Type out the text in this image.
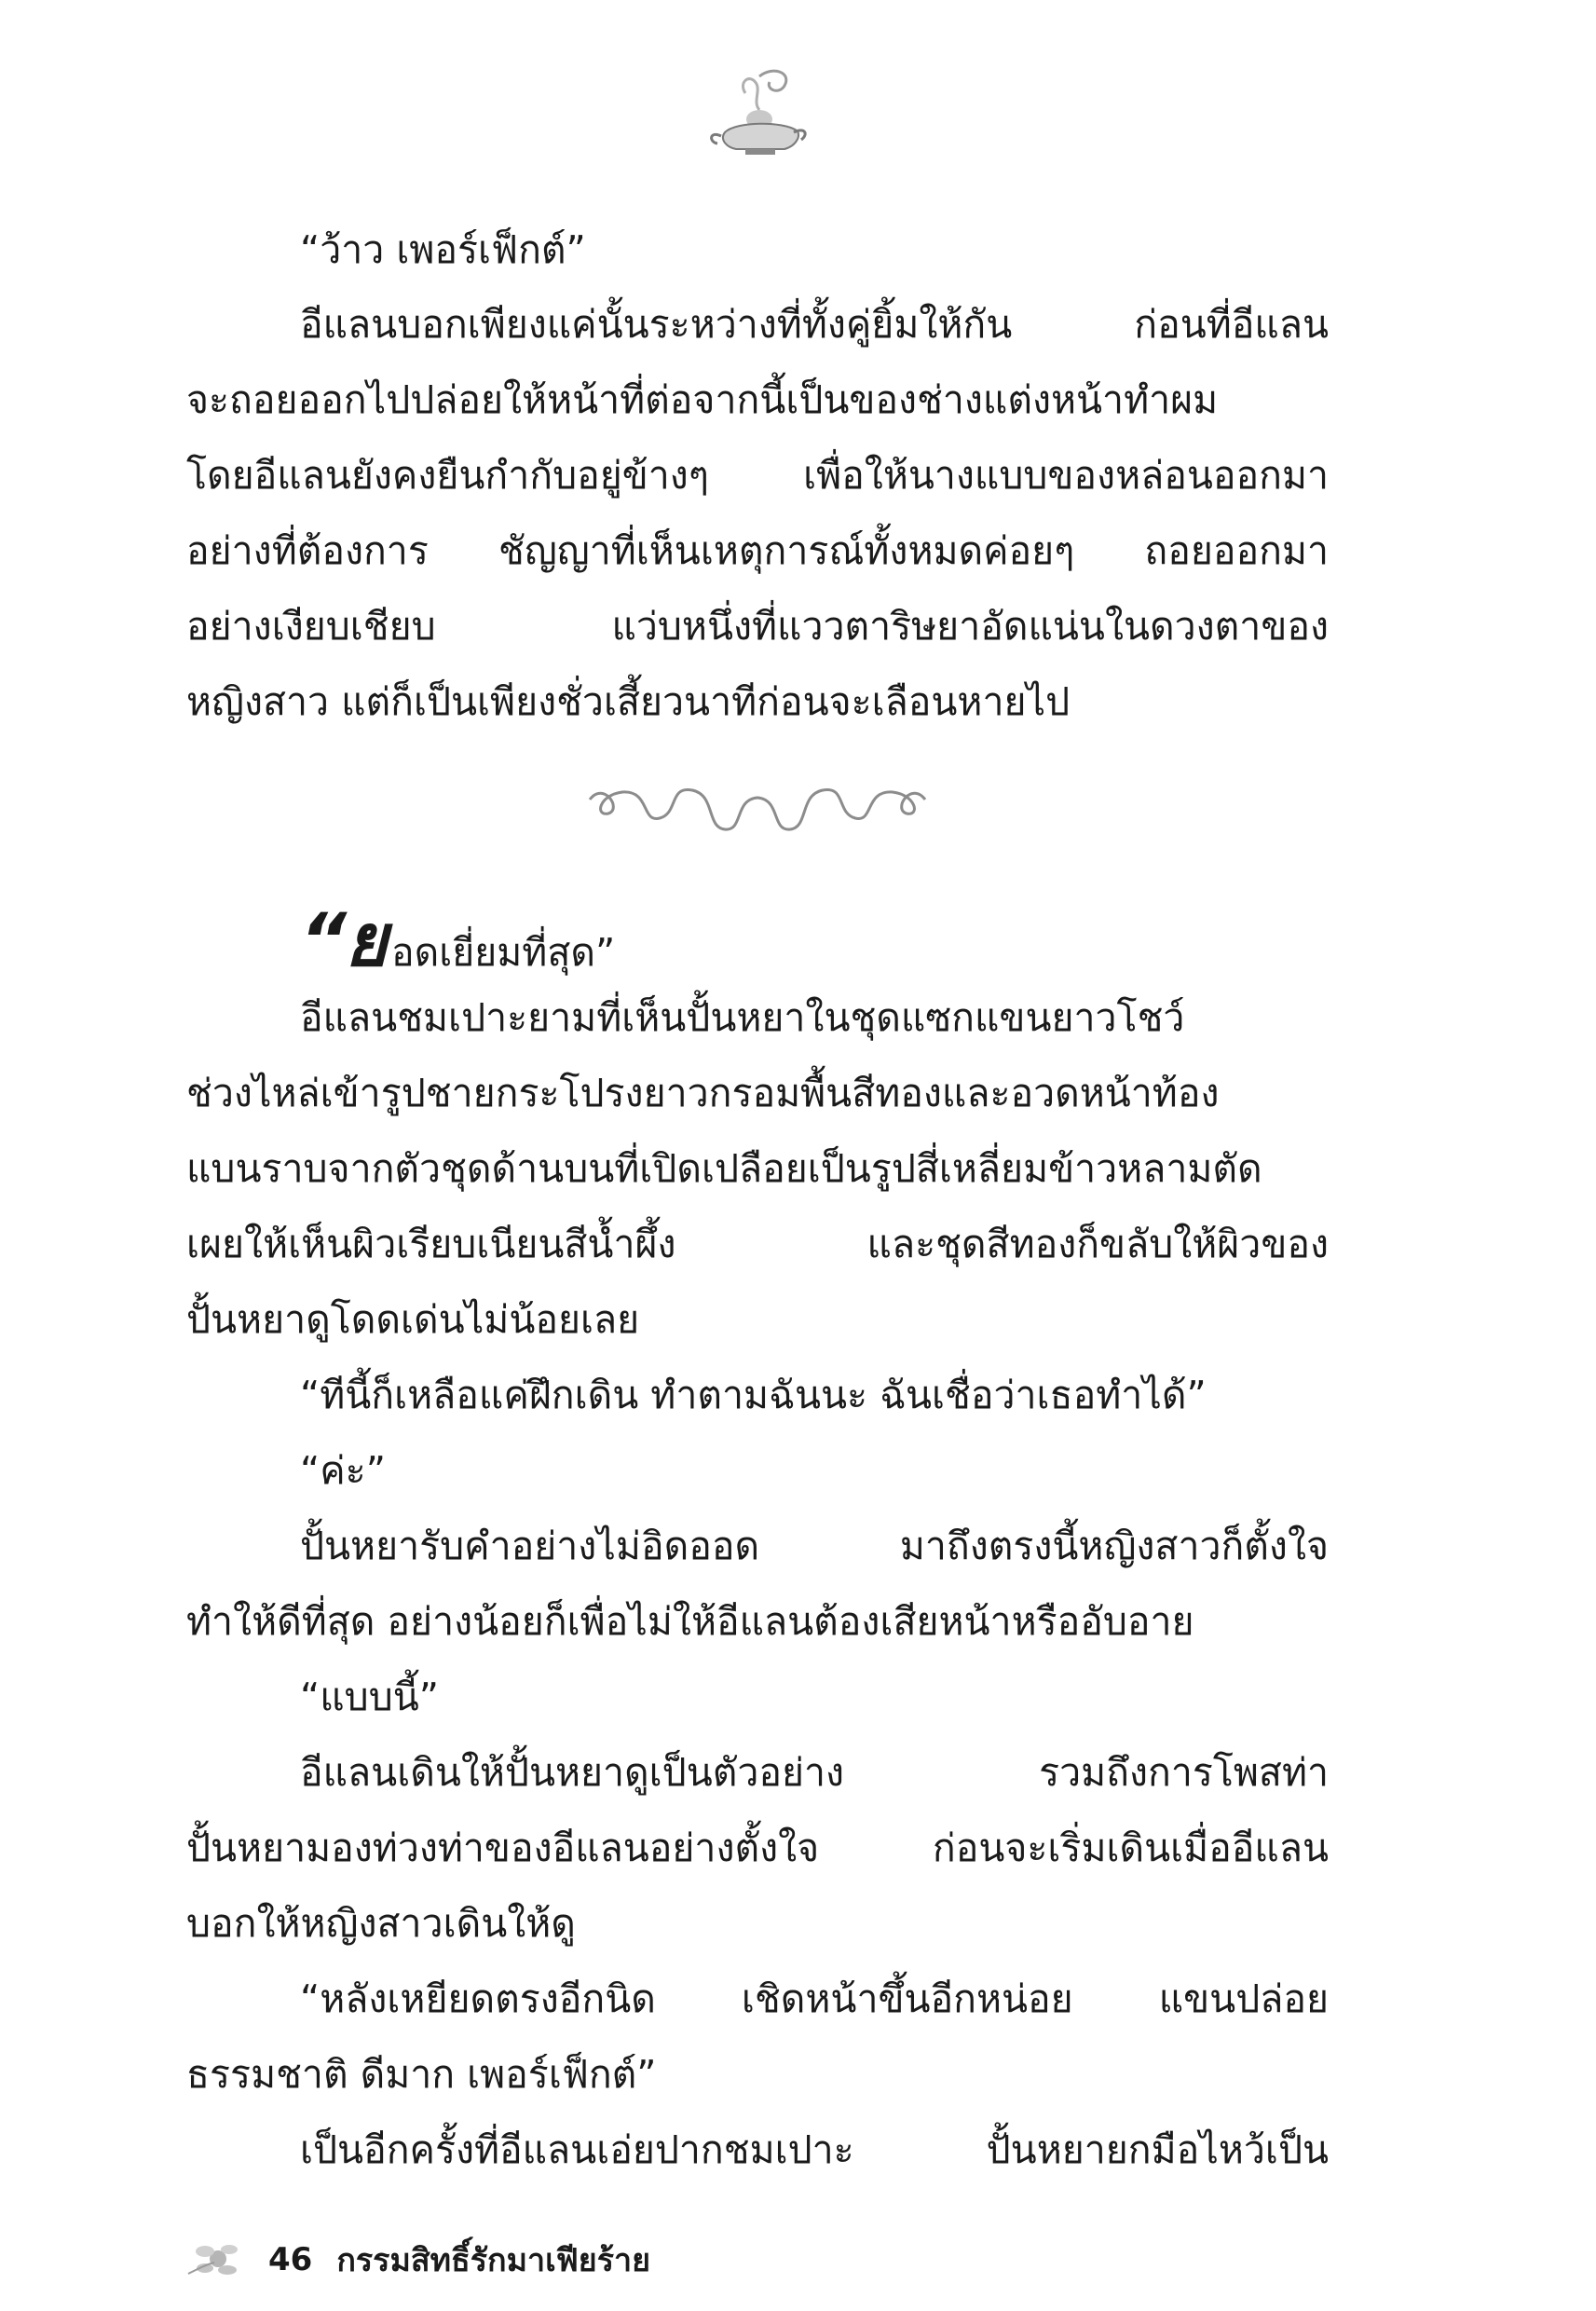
“ว้าว เพอร์เฟ็กต์”
อีแลนบอกเพียงแค่นั้นระหว่างที่ทั้งคู่ยิ้มให้กัน ก่อนที่อีแลน
จะถอยออกไปปล่อยให้หน้าที่ต่อจากนี้เป็นของช่างแต่งหน้าทำผม
โดยอีแลนยังคงยืนกำกับอยู่ข้างๆ เพื่อให้นางแบบของหล่อนออกมา
อย่างที่ต้องการ ชัญญาที่เห็นเหตุการณ์ทั้งหมดค่อยๆ ถอยออกมา
อย่างเงียบเชียบ แว่บหนึ่งที่แววตาริษยาอัดแน่นในดวงตาของ
หญิงสาว แต่ก็เป็นเพียงชั่วเสี้ยวนาทีก่อนจะเลือนหายไป
“ยอดเยี่ยมที่สุด”
อีแลนชมเปาะยามที่เห็นปั้นหยาในชุดแซกแขนยาวโชว์
ช่วงไหล่เข้ารูปชายกระโปรงยาวกรอมพื้นสีทองและอวดหน้าท้อง
แบนราบจากตัวชุดด้านบนที่เปิดเปลือยเป็นรูปสี่เหลี่ยมข้าวหลามตัด
เผยให้เห็นผิวเรียบเนียนสีน้ำผึ้ง และชุดสีทองก็ขลับให้ผิวของ
ปั้นหยาดูโดดเด่นไม่น้อยเลย
“ทีนี้ก็เหลือแค่ฝึกเดิน ทำตามฉันนะ ฉันเชื่อว่าเธอทำได้”
“ค่ะ”
ปั้นหยารับคำอย่างไม่อิดออด มาถึงตรงนี้หญิงสาวก็ตั้งใจ
ทำให้ดีที่สุด อย่างน้อยก็เพื่อไม่ให้อีแลนต้องเสียหน้าหรืออับอาย
“แบบนี้”
อีแลนเดินให้ปั้นหยาดูเป็นตัวอย่าง รวมถึงการโพสท่า
ปั้นหยามองท่วงท่าของอีแลนอย่างตั้งใจ ก่อนจะเริ่มเดินเมื่ออีแลน
บอกให้หญิงสาวเดินให้ดู
“หลังเหยียดตรงอีกนิด เชิดหน้าขึ้นอีกหน่อย แขนปล่อย
ธรรมชาติ ดีมาก เพอร์เฟ็กต์”
เป็นอีกครั้งที่อีแลนเอ่ยปากชมเปาะ ปั้นหยายกมือไหว้เป็น
46 กรรมสิทธิ์รักมาเฟียร้าย
